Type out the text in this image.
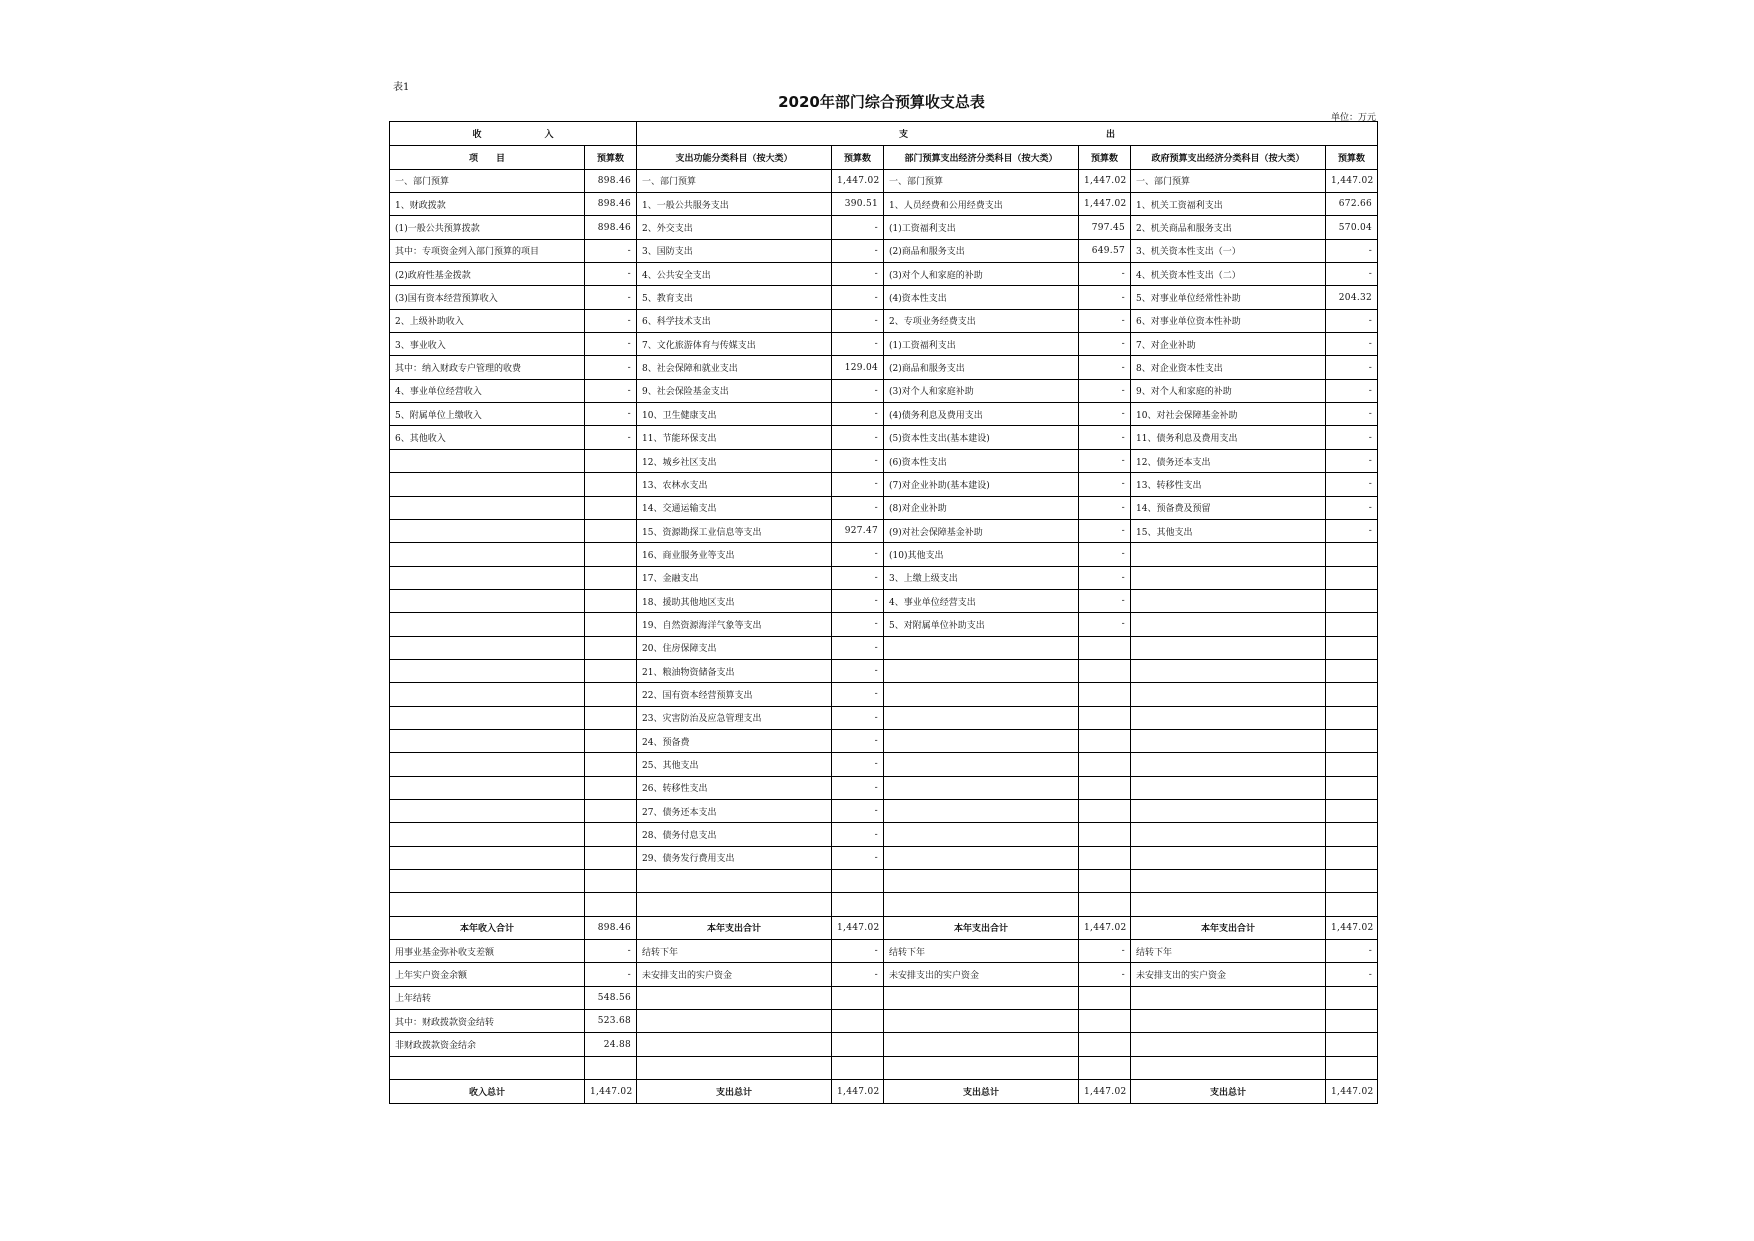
表1
2020年部门综合预算收支总表
单位：万元
收　　　　　　　入		支　　　　　　　　　　　　　　　　　　　　　　出					
项　　目	预算数	支出功能分类科目（按大类）	预算数	部门预算支出经济分类科目（按大类）	预算数	政府预算支出经济分类科目（按大类）	预算数
一、部门预算	898.46	一、部门预算	1,447.02	一、部门预算	1,447.02	一、部门预算	1,447.02
1、财政拨款	898.46	1、一般公共服务支出	390.51	1、人员经费和公用经费支出	1,447.02	1、机关工资福利支出	672.66
(1)一般公共预算拨款	898.46	2、外交支出	-	(1)工资福利支出	797.45	2、机关商品和服务支出	570.04
其中：专项资金列入部门预算的项目	-	3、国防支出	-	(2)商品和服务支出	649.57	3、机关资本性支出（一）	-
(2)政府性基金拨款	-	4、公共安全支出	-	(3)对个人和家庭的补助	-	4、机关资本性支出（二）	-
(3)国有资本经营预算收入	-	5、教育支出	-	(4)资本性支出	-	5、对事业单位经常性补助	204.32
2、上级补助收入	-	6、科学技术支出	-	2、专项业务经费支出	-	6、对事业单位资本性补助	-
3、事业收入	-	7、文化旅游体育与传媒支出	-	(1)工资福利支出	-	7、对企业补助	-
其中：纳入财政专户管理的收费	-	8、社会保障和就业支出	129.04	(2)商品和服务支出	-	8、对企业资本性支出	-
4、事业单位经营收入	-	9、社会保险基金支出	-	(3)对个人和家庭补助	-	9、对个人和家庭的补助	-
5、附属单位上缴收入	-	10、卫生健康支出	-	(4)债务利息及费用支出	-	10、对社会保障基金补助	-
6、其他收入	-	11、节能环保支出	-	(5)资本性支出(基本建设)	-	11、债务利息及费用支出	-
		12、城乡社区支出	-	(6)资本性支出	-	12、债务还本支出	-
		13、农林水支出	-	(7)对企业补助(基本建设)	-	13、转移性支出	-
		14、交通运输支出	-	(8)对企业补助	-	14、预备费及预留	-
		15、资源勘探工业信息等支出	927.47	(9)对社会保障基金补助	-	15、其他支出	-
		16、商业服务业等支出	-	(10)其他支出	-		
		17、金融支出	-	3、上缴上级支出	-		
		18、援助其他地区支出	-	4、事业单位经营支出	-		
		19、自然资源海洋气象等支出	-	5、对附属单位补助支出	-		
		20、住房保障支出	-				
		21、粮油物资储备支出	-				
		22、国有资本经营预算支出	-				
		23、灾害防治及应急管理支出	-				
		24、预备费	-				
		25、其他支出	-				
		26、转移性支出	-				
		27、债务还本支出	-				
		28、债务付息支出	-				
		29、债务发行费用支出	-				

本年收入合计	898.46	本年支出合计	1,447.02	本年支出合计	1,447.02	本年支出合计	1,447.02
用事业基金弥补收支差额	-	结转下年	-	结转下年	-	结转下年	-
上年实户资金余额	-	未安排支出的实户资金	-	未安排支出的实户资金	-	未安排支出的实户资金	-
上年结转	548.56						
其中：财政拨款资金结转	523.68						
非财政拨款资金结余	24.88						

收入总计	1,447.02	支出总计	1,447.02	支出总计	1,447.02	支出总计	1,447.02
